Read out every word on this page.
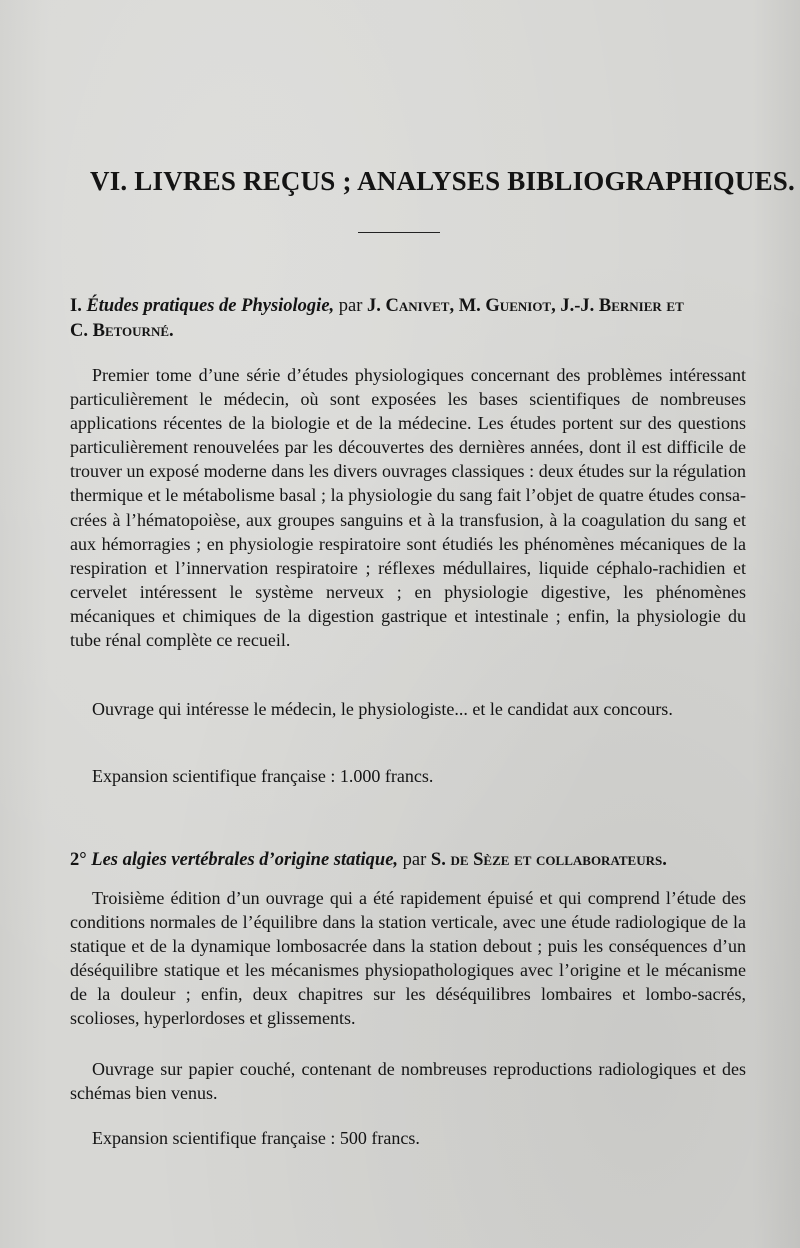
VI. LIVRES REÇUS ; ANALYSES BIBLIOGRAPHIQUES.

I. Études pratiques de Physiologie, par J. Canivet, M. Gueniot, J.-J. Bernier et
C. Betourné.

Premier tome d’une série d’études physiologiques concernant des problèmes intéressant particulièrement le médecin, où sont exposées les bases scientifiques de nombreuses applications récentes de la biologie et de la médecine. Les études portent sur des questions particulièrement renouvelées par les découvertes des dernières années, dont il est difficile de trouver un exposé moderne dans les divers ouvrages classiques : deux études sur la régulation thermique et le métabolisme basal ; la physiologie du sang fait l’objet de quatre études consacrées à l’hématopoièse, aux groupes sanguins et à la transfusion, à la coagulation du sang et aux hémorragies ; en physiologie respiratoire sont étudiés les phénomènes mécaniques de la respiration et l’innervation respiratoire ; réflexes médullaires, liquide céphalo-rachidien et cervelet intéressent le système nerveux ; en physiologie digestive, les phénomènes mécaniques et chimiques de la digestion gastrique et intestinale ; enfin, la physiologie du tube rénal complète ce recueil.

Ouvrage qui intéresse le médecin, le physiologiste... et le candidat aux concours.

Expansion scientifique française : 1.000 francs.

2° Les algies vertébrales d’origine statique, par S. de Sèze et collaborateurs.

Troisième édition d’un ouvrage qui a été rapidement épuisé et qui comprend l’étude des conditions normales de l’équilibre dans la station verticale, avec une étude radiologique de la statique et de la dynamique lombosacrée dans la station debout ; puis les conséquences d’un déséquilibre statique et les mécanismes physiopathologiques avec l’origine et le mécanisme de la douleur ; enfin, deux chapitres sur les déséquilibres lombaires et lombo-sacrés, scolioses, hyperlordoses et glissements.

Ouvrage sur papier couché, contenant de nombreuses reproductions radiologiques et des schémas bien venus.

Expansion scientifique française : 500 francs.
